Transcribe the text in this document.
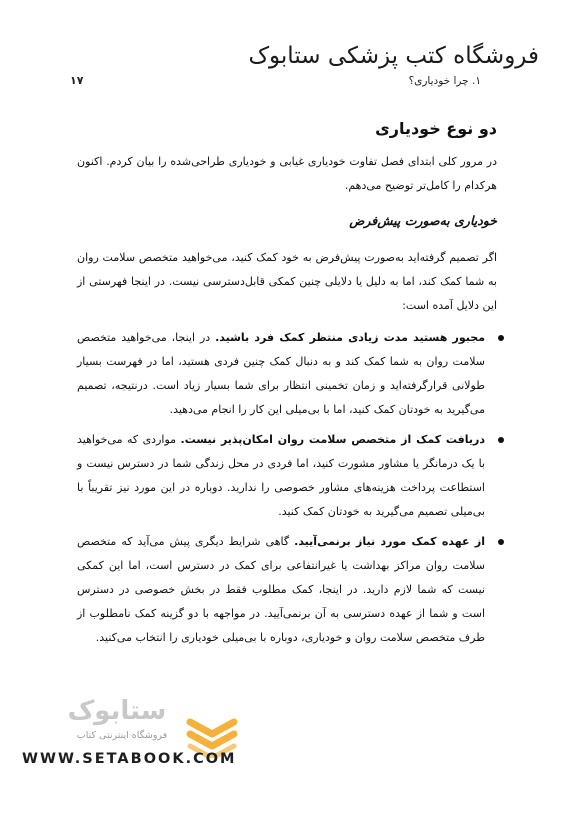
فروشگاه کتب پزشکی ستابوک
۱. چرا خودیاری؟
۱۷
دو نوع خودیاری
در مرور کلی ابتدای فصل تفاوت خودیاری غیابی و خودیاری طراحی‌شده را بیان کردم. اکنون هرکدام را کامل‌تر توضیح می‌دهم.
خودیاری به‌صورت پیش‌فرض
اگر تصمیم گرفته‌اید به‌صورت پیش‌فرض به خود کمک کنید، می‌خواهید متخصص سلامت روان به شما کمک کند، اما به دلیل یا دلایلی چنین کمکی قابل‌دسترسی نیست. در اینجا فهرستی از این دلایل آمده است:
مجبور هستید مدت زیادی منتظر کمک فرد باشید. در اینجا، می‌خواهید متخصص سلامت روان به شما کمک کند و به دنبال کمک چنین فردی هستید، اما در فهرست بسیار طولانی قرارگرفته‌اید و زمان تخمینی انتظار برای شما بسیار زیاد است. درنتیجه، تصمیم می‌گیرید به خودتان کمک کنید، اما با بی‌میلی این کار را انجام می‌دهید.
دریافت کمک از متخصص سلامت روان امکان‌پذیر نیست. مواردی که می‌خواهید با یک درمانگر یا مشاور مشورت کنید، اما فردی در محل زندگی شما در دسترس نیست و استطاعت پرداخت هزینه‌های مشاور خصوصی را ندارید. دوباره در این مورد نیز تقریباً با بی‌میلی تصمیم می‌گیرید به خودتان کمک کنید.
از عهده کمک مورد نیاز برنمی‌آیید. گاهی شرایط دیگری پیش می‌آید که متخصص سلامت روان مراکز بهداشت یا غیرانتفاعی برای کمک در دسترس است، اما این کمکی نیست که شما لازم دارید. در اینجا، کمک مطلوب فقط در بخش خصوصی در دسترس است و شما از عهده دسترسی به آن برنمی‌آیید. در مواجهه با دو گزینه کمک نامطلوب از طرف متخصص سلامت روان و خودیاری، دوباره با بی‌میلی خودیاری را انتخاب می‌کنید.
ستابوک
فروشگاه اینترنتی کتاب
WWW.SETABOOK.COM
